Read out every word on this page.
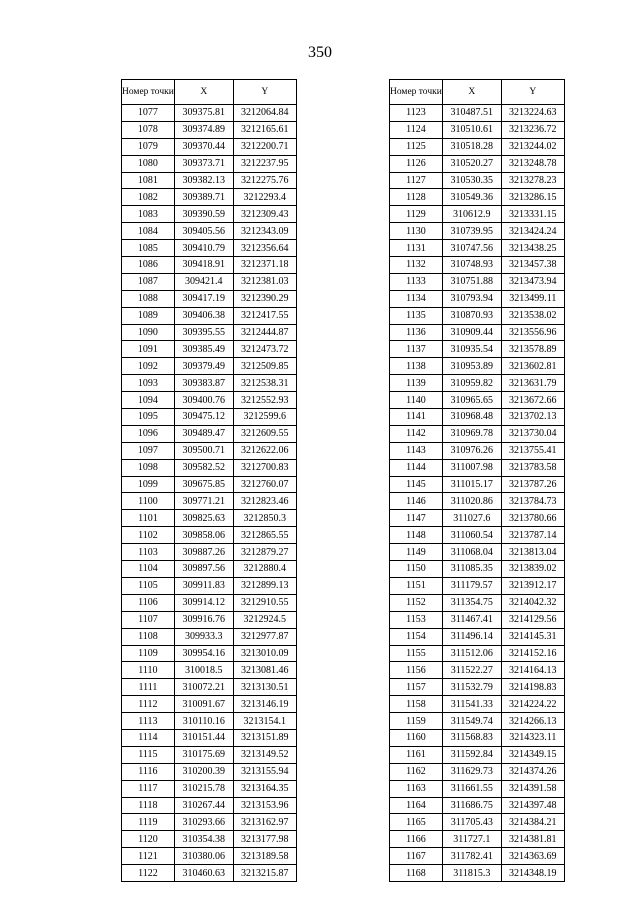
350
Номер точки	X	Y
1077	309375.81	3212064.84
1078	309374.89	3212165.61
1079	309370.44	3212200.71
1080	309373.71	3212237.95
1081	309382.13	3212275.76
1082	309389.71	3212293.4
1083	309390.59	3212309.43
1084	309405.56	3212343.09
1085	309410.79	3212356.64
1086	309418.91	3212371.18
1087	309421.4	3212381.03
1088	309417.19	3212390.29
1089	309406.38	3212417.55
1090	309395.55	3212444.87
1091	309385.49	3212473.72
1092	309379.49	3212509.85
1093	309383.87	3212538.31
1094	309400.76	3212552.93
1095	309475.12	3212599.6
1096	309489.47	3212609.55
1097	309500.71	3212622.06
1098	309582.52	3212700.83
1099	309675.85	3212760.07
1100	309771.21	3212823.46
1101	309825.63	3212850.3
1102	309858.06	3212865.55
1103	309887.26	3212879.27
1104	309897.56	3212880.4
1105	309911.83	3212899.13
1106	309914.12	3212910.55
1107	309916.76	3212924.5
1108	309933.3	3212977.87
1109	309954.16	3213010.09
1110	310018.5	3213081.46
1111	310072.21	3213130.51
1112	310091.67	3213146.19
1113	310110.16	3213154.1
1114	310151.44	3213151.89
1115	310175.69	3213149.52
1116	310200.39	3213155.94
1117	310215.78	3213164.35
1118	310267.44	3213153.96
1119	310293.66	3213162.97
1120	310354.38	3213177.98
1121	310380.06	3213189.58
1122	310460.63	3213215.87
Номер точки	X	Y
1123	310487.51	3213224.63
1124	310510.61	3213236.72
1125	310518.28	3213244.02
1126	310520.27	3213248.78
1127	310530.35	3213278.23
1128	310549.36	3213286.15
1129	310612.9	3213331.15
1130	310739.95	3213424.24
1131	310747.56	3213438.25
1132	310748.93	3213457.38
1133	310751.88	3213473.94
1134	310793.94	3213499.11
1135	310870.93	3213538.02
1136	310909.44	3213556.96
1137	310935.54	3213578.89
1138	310953.89	3213602.81
1139	310959.82	3213631.79
1140	310965.65	3213672.66
1141	310968.48	3213702.13
1142	310969.78	3213730.04
1143	310976.26	3213755.41
1144	311007.98	3213783.58
1145	311015.17	3213787.26
1146	311020.86	3213784.73
1147	311027.6	3213780.66
1148	311060.54	3213787.14
1149	311068.04	3213813.04
1150	311085.35	3213839.02
1151	311179.57	3213912.17
1152	311354.75	3214042.32
1153	311467.41	3214129.56
1154	311496.14	3214145.31
1155	311512.06	3214152.16
1156	311522.27	3214164.13
1157	311532.79	3214198.83
1158	311541.33	3214224.22
1159	311549.74	3214266.13
1160	311568.83	3214323.11
1161	311592.84	3214349.15
1162	311629.73	3214374.26
1163	311661.55	3214391.58
1164	311686.75	3214397.48
1165	311705.43	3214384.21
1166	311727.1	3214381.81
1167	311782.41	3214363.69
1168	311815.3	3214348.19
